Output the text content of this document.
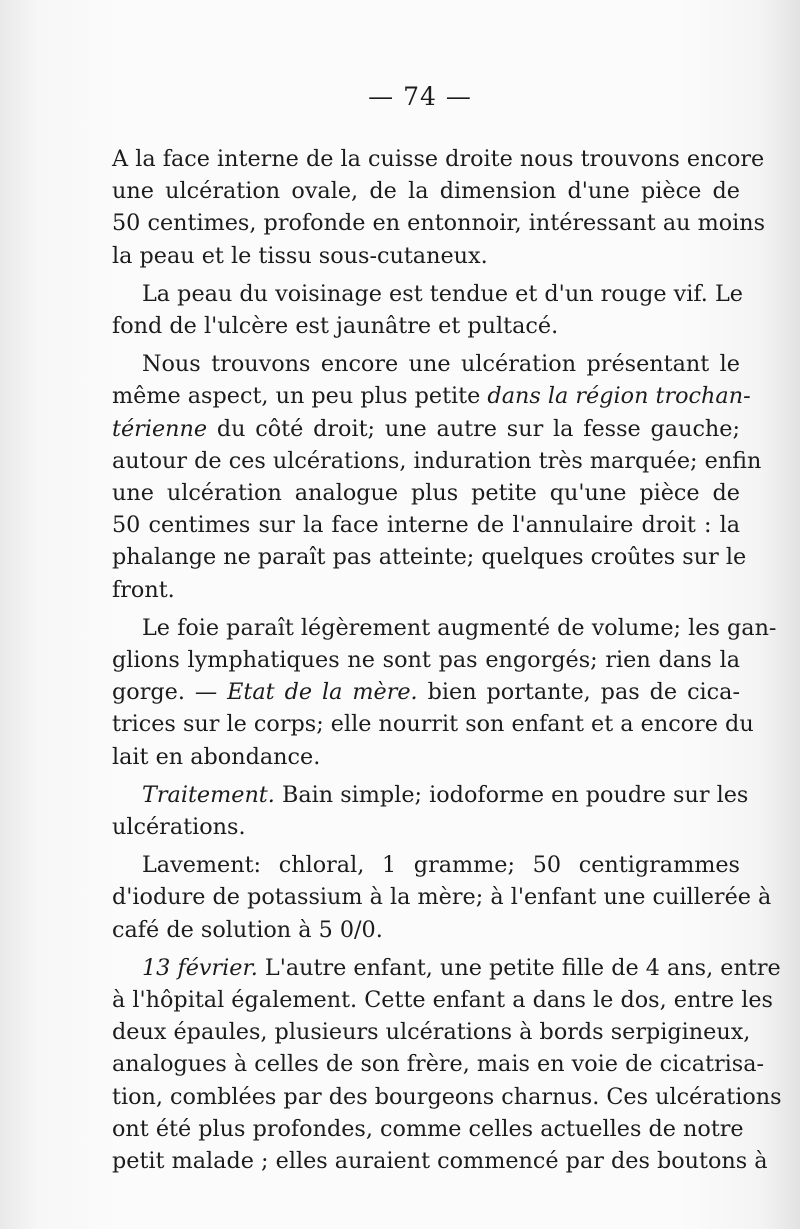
— 74 —
A la face interne de la cuisse droite nous trouvons encore
une ulcération ovale, de la dimension d'une pièce de
50 centimes, profonde en entonnoir, intéressant au moins
la peau et le tissu sous-cutaneux.
La peau du voisinage est tendue et d'un rouge vif. Le
fond de l'ulcère est jaunâtre et pultacé.
Nous trouvons encore une ulcération présentant le
même aspect, un peu plus petite dans la région trochan-
térienne du côté droit; une autre sur la fesse gauche;
autour de ces ulcérations, induration très marquée; enfin
une ulcération analogue plus petite qu'une pièce de
50 centimes sur la face interne de l'annulaire droit : la
phalange ne paraît pas atteinte; quelques croûtes sur le
front.
Le foie paraît légèrement augmenté de volume; les gan-
glions lymphatiques ne sont pas engorgés; rien dans la
gorge. — Etat de la mère. bien portante, pas de cica-
trices sur le corps; elle nourrit son enfant et a encore du
lait en abondance.
Traitement. Bain simple; iodoforme en poudre sur les
ulcérations.
Lavement: chloral, 1 gramme; 50 centigrammes
d'iodure de potassium à la mère; à l'enfant une cuillerée à
café de solution à 5 0/0.
13 février. L'autre enfant, une petite fille de 4 ans, entre
à l'hôpital également. Cette enfant a dans le dos, entre les
deux épaules, plusieurs ulcérations à bords serpigineux,
analogues à celles de son frère, mais en voie de cicatrisa-
tion, comblées par des bourgeons charnus. Ces ulcérations
ont été plus profondes, comme celles actuelles de notre
petit malade ; elles auraient commencé par des boutons à
